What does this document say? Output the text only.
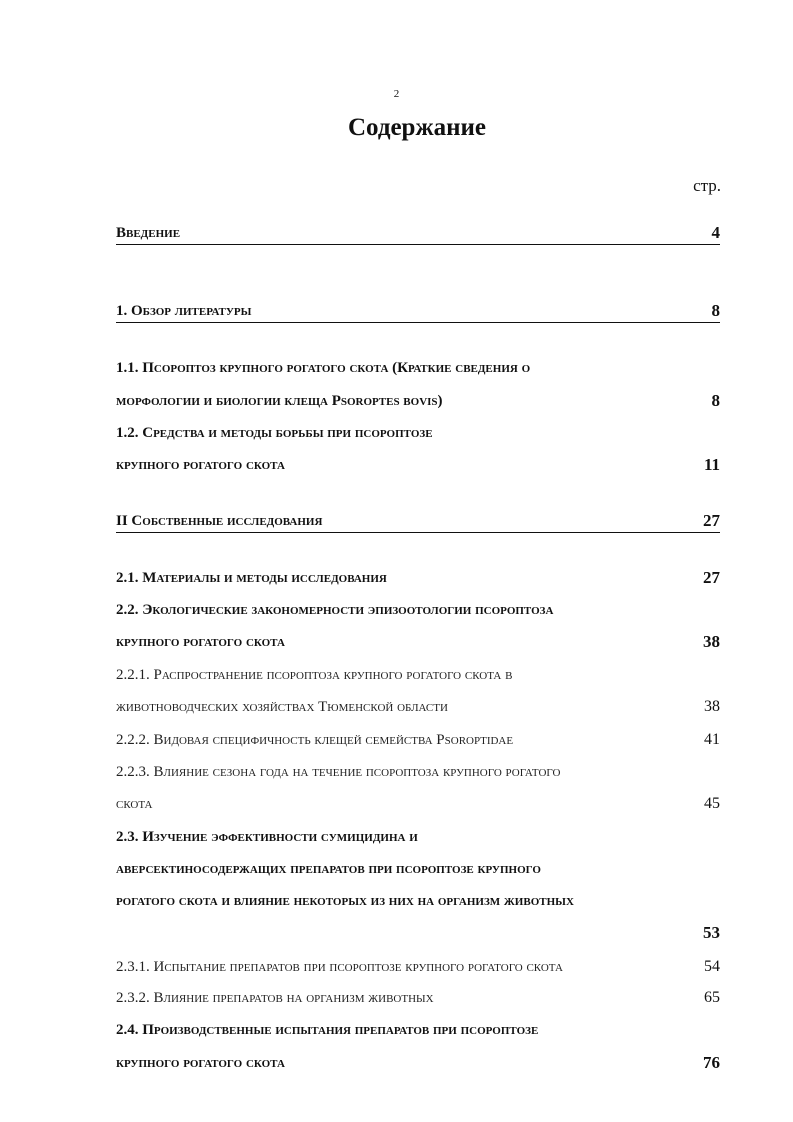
2
Содержание
стр.
Введение	4
1. Обзор литературы	8
1.1. Псороптоз крупного рогатого скота (Краткие сведения о
морфологии и биологии клеща Psoroptes bovis)	8
1.2. Средства и методы борьбы при псороптозе
крупного рогатого скота	11
II Собственные исследования	27
2.1. Материалы и методы исследования	27
2.2. Экологические закономерности эпизоотологии псороптоза
крупного рогатого скота	38
2.2.1. Распространение псороптоза крупного рогатого скота в
животноводческих хозяйствах Тюменской области	38
2.2.2. Видовая специфичность клещей семейства Psoroptidae	41
2.2.3. Влияние сезона года на течение псороптоза крупного рогатого
скота	45
2.3. Изучение эффективности сумицидина и
аверсектиносодержащих препаратов при псороптозе крупного
рогатого скота и влияние некоторых из них на организм животных
53
2.3.1. Испытание препаратов при псороптозе крупного рогатого скота	54
2.3.2. Влияние препаратов на организм животных	65
2.4. Производственные испытания препаратов при псороптозе
крупного рогатого скота	76
